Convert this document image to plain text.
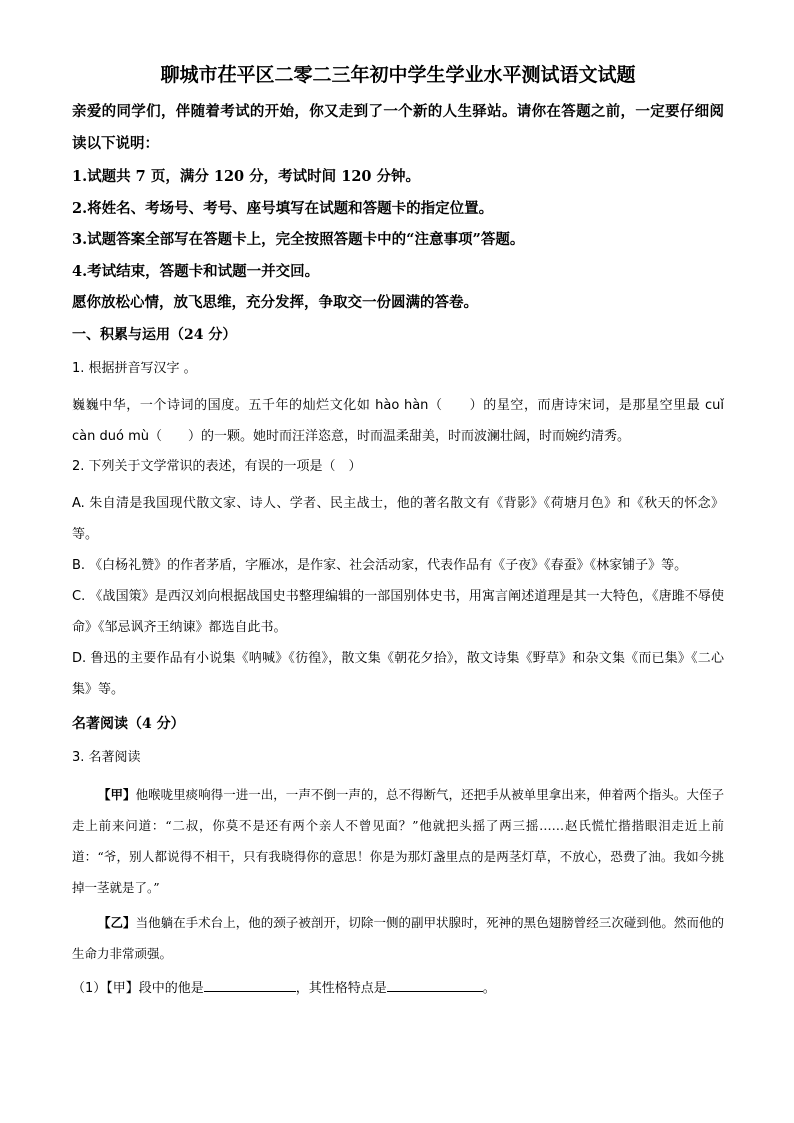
聊城市茌平区二零二三年初中学生学业水平测试语文试题
亲爱的同学们，伴随着考试的开始，你又走到了一个新的人生驿站。请你在答题之前，一定要仔细阅读以下说明：
1.试题共 7 页，满分 120 分，考试时间 120 分钟。
2.将姓名、考场号、考号、座号填写在试题和答题卡的指定位置。
3.试题答案全部写在答题卡上，完全按照答题卡中的“注意事项”答题。
4.考试结束，答题卡和试题一并交回。
愿你放松心情，放飞思维，充分发挥，争取交一份圆满的答卷。
一、积累与运用（24 分）
1. 根据拼音写汉字 。
巍巍中华，一个诗词的国度。五千年的灿烂文化如 hào hàn（　　）的星空，而唐诗宋词，是那星空里最 cuǐ càn duó mù（　　）的一颗。她时而汪洋恣意，时而温柔甜美，时而波澜壮阔，时而婉约清秀。
2. 下列关于文学常识的表述，有误的一项是（　）
A. 朱自清是我国现代散文家、诗人、学者、民主战士，他的著名散文有《背影》《荷塘月色》和《秋天的怀念》等。
B. 《白杨礼赞》的作者茅盾，字雁冰，是作家、社会活动家，代表作品有《子夜》《春蚕》《林家铺子》等。
C. 《战国策》是西汉刘向根据战国史书整理编辑的一部国别体史书，用寓言阐述道理是其一大特色，《唐雎不辱使命》《邹忌讽齐王纳谏》都选自此书。
D. 鲁迅的主要作品有小说集《呐喊》《彷徨》，散文集《朝花夕拾》，散文诗集《野草》和杂文集《而已集》《二心集》等。
名著阅读（4 分）
3. 名著阅读
【甲】他喉咙里痰响得一进一出，一声不倒一声的，总不得断气，还把手从被单里拿出来，伸着两个指头。大侄子走上前来问道：“二叔，你莫不是还有两个亲人不曾见面？”他就把头摇了两三摇……赵氏慌忙揩揩眼泪走近上前道：“爷，别人都说得不相干，只有我晓得你的意思！你是为那灯盏里点的是两茎灯草，不放心，恐费了油。我如今挑掉一茎就是了。”
【乙】当他躺在手术台上，他的颈子被剖开，切除一侧的副甲状腺时，死神的黑色翅膀曾经三次碰到他。然而他的生命力非常顽强。
（1）【甲】段中的他是	，其性格特点是	。
